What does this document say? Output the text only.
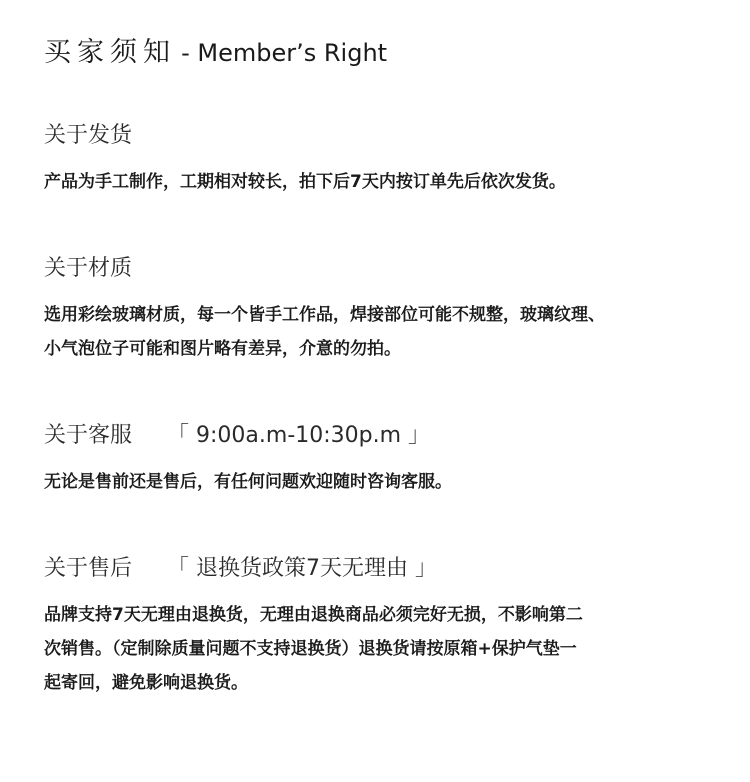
买家须知 - Member’s Right
关于发货
产品为手工制作，工期相对较长，拍下后7天内按订单先后依次发货。
关于材质
选用彩绘玻璃材质，每一个皆手工作品，焊接部位可能不规整，玻璃纹理、
小气泡位子可能和图片略有差异，介意的勿拍。
关于客服 「 9:00a.m-10:30p.m 」
无论是售前还是售后，有任何问题欢迎随时咨询客服。
关于售后 「 退换货政策7天无理由 」
品牌支持7天无理由退换货，无理由退换商品必须完好无损，不影响第二
次销售。（定制除质量问题不支持退换货）退换货请按原箱+保护气垫一
起寄回，避免影响退换货。
